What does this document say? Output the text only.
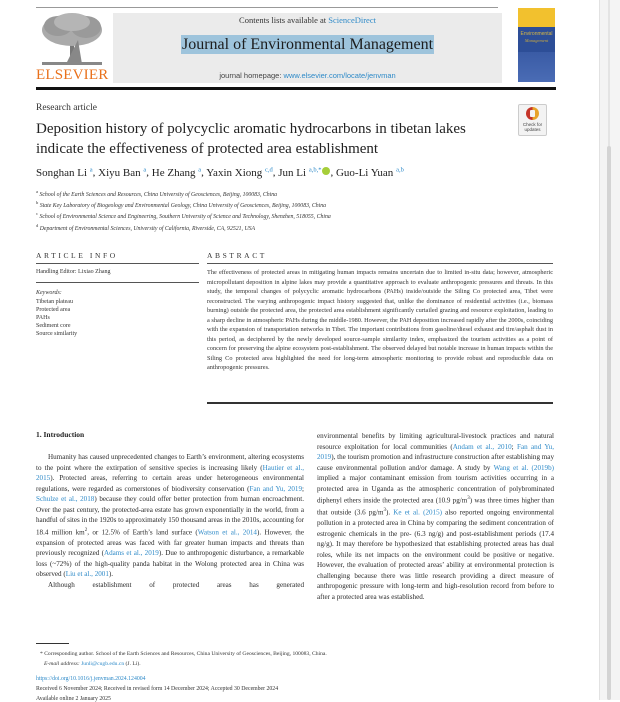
ELSEVIER
Contents lists available at ScienceDirect
Journal of Environmental Management
journal homepage: www.elsevier.com/locate/jenvman
Environmental
Management
Research article
Deposition history of polycyclic aromatic hydrocarbons in tibetan lakes indicate the effectiveness of protected area establishment
Check for updates
Songhan Li $^a$, Xiyu Ban $^a$, He Zhang $^a$, Yaxin Xiong $^{c,d}$, Jun Li $^{a,b,*}$ , Guo-Li Yuan $^{a,b}$
$^a$ School of the Earth Sciences and Resources, China University of Geosciences, Beijing, 100083, China
$^b$ State Key Laboratory of Biogeology and Environmental Geology, China University of Geosciences, Beijing, 100083, China
$^c$ School of Environmental Science and Engineering, Southern University of Science and Technology, Shenzhen, 518055, China
$^d$ Department of Environmental Sciences, University of California, Riverside, CA, 92521, USA
ARTICLE INFO
Handling Editor: Lixiao Zhang
Keywords:
Tibetan plateau
Protected area
PAHs
Sediment core
Source similarity
ABSTRACT
The effectiveness of protected areas in mitigating human impacts remains uncertain due to limited in-situ data; however, atmospheric micropollutant deposition in alpine lakes may provide a quantitative approach to evaluate anthropogenic pressures and threats. In this study, the temporal changes of polycyclic aromatic hydrocarbons (PAHs) inside/outside the Siling Co protected area, Tibet were reconstructed. The varying anthropogenic impact history suggested that, unlike the dominance of residential activities (i.e., biomass burning) outside the protected area, the protected area establishment significantly curtailed grazing and resource exploitation, leading to a sharp decline in atmospheric PAHs during the middle-1980. However, the PAH deposition increased rapidly after the 2000s, coinciding with the expansion of transportation networks in Tibet. The important contributions from gasoline/diesel exhaust and tire/asphalt dust in this period, as deciphered by the newly developed source-sample similarity index, emphasized the tourism activities as a point of concern for preserving the alpine ecosystem post-establishment. The observed delayed but notable increase in human impacts within the Siling Co protected area highlighted the need for long-term atmospheric monitoring to provide robust and reproducible data on anthropogenic pressures.
1. Introduction

Humanity has caused unprecedented changes to Earth’s environment, altering ecosystems to the point where the extirpation of sensitive species is increasing likely (Hautier et al., 2015). Protected areas, referring to certain areas under heterogeneous environmental regulations, were regarded as cornerstones of biodiversity conservation (Fan and Yu, 2019; Schulze et al., 2018) because they could offer better protection from human encroachment. Over the past century, the protected-area estate has grown exponentially in the world, from a handful of sites in the 1920s to approximately 150 thousand areas in the 2010s, accounting for 18.4 million $km^2$, or 12.5% of Earth’s land surface (Watson et al., 2014). However, the expansion of protected areas was faced with far greater human impacts and threats than previously recognized (Adams et al., 2019). Due to anthropogenic disturbance, a remarkable loss (~72%) of the high-quality panda habitat in the Wolong protected area in China was observed (Liu et al., 2001).

Although establishment of protected areas has generated

environmental benefits by limiting agricultural-livestock practices and natural resource exploitation for local communities (Andam et al., 2010; Fan and Yu, 2019), the tourism promotion and infrastructure construction after establishing may cause environmental pollution and/or damage. A study by Wang et al. (2019b) implied a major contaminant emission from tourism activities occurring in a protected area in Uganda as the atmospheric concentration of polybrominated diphenyl ethers inside the protected area (10.9 $pg/m^3$) was three times higher than that outside (3.6 $pg/m^3$). Ke et al. (2015) also reported ongoing environmental pollution in a protected area in China by comparing the sediment concentration of estrogenic chemicals in the pre- (6.3 ng/g) and post-establishment periods (17.4 ng/g). It may therefore be hypothesized that establishing protected areas has dual roles, while its net impacts on the environment could be positive or negative. However, the evaluation of protected areas’ ability at environmental protection is challenging because there was little research providing a direct measure of anthropogenic pressure with long-term and high-resolution record from before to after a protected area was established.

* Corresponding author. School of the Earth Sciences and Resources, China University of Geosciences, Beijing, 100083, China.
E-mail address: Junli@cugb.edu.cn (J. Li).
https://doi.org/10.1016/j.jenvman.2024.124004
Received 6 November 2024; Received in revised form 14 December 2024; Accepted 30 December 2024
Available online 2 January 2025
